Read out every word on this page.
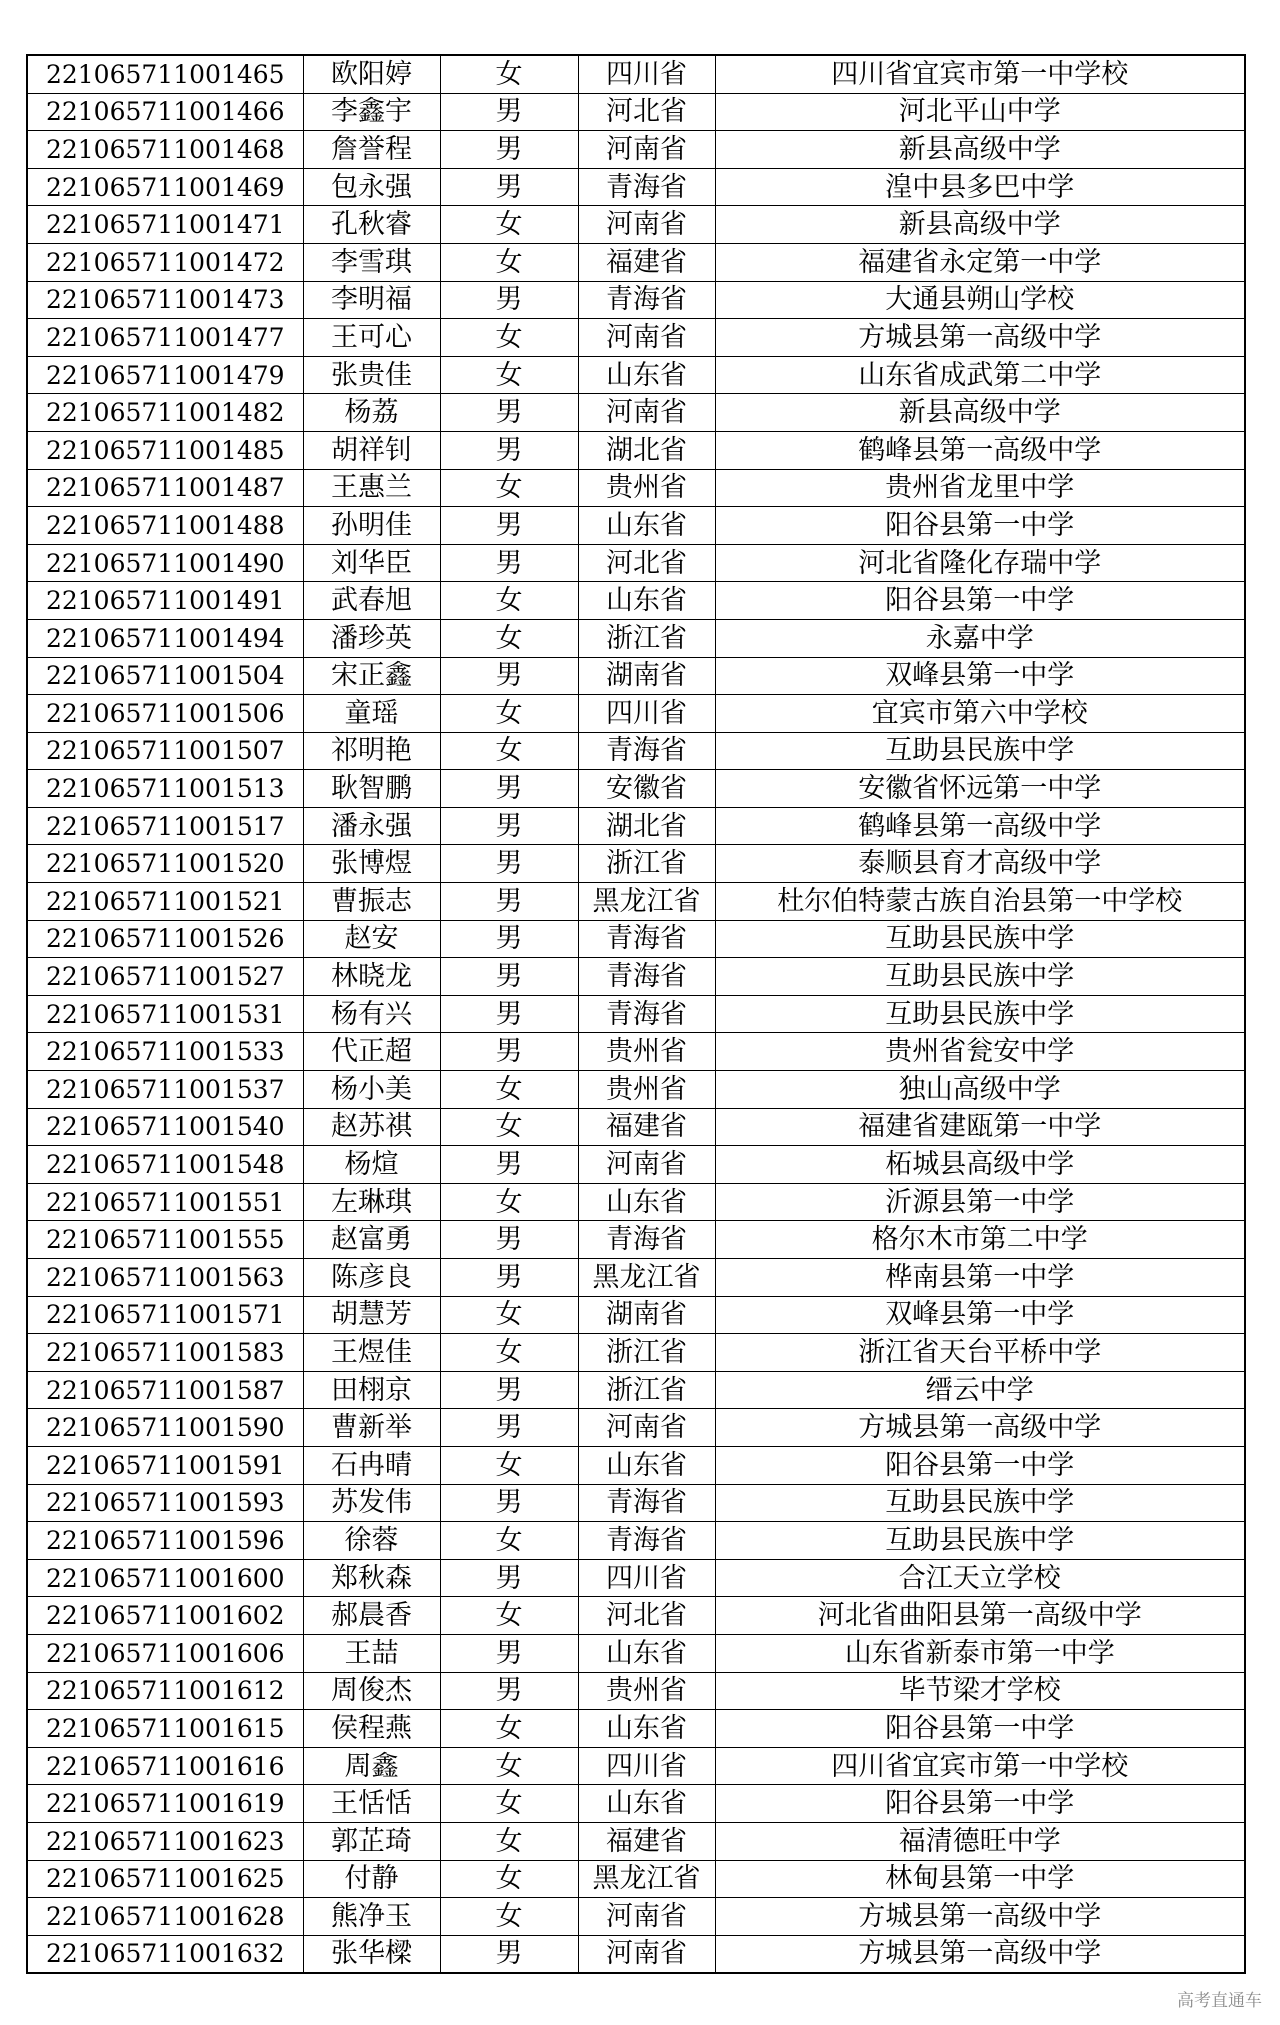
221065711001465	欧阳婷	女	四川省	四川省宜宾市第一中学校
221065711001466	李鑫宇	男	河北省	河北平山中学
221065711001468	詹誉程	男	河南省	新县高级中学
221065711001469	包永强	男	青海省	湟中县多巴中学
221065711001471	孔秋睿	女	河南省	新县高级中学
221065711001472	李雪琪	女	福建省	福建省永定第一中学
221065711001473	李明福	男	青海省	大通县朔山学校
221065711001477	王可心	女	河南省	方城县第一高级中学
221065711001479	张贵佳	女	山东省	山东省成武第二中学
221065711001482	杨荔	男	河南省	新县高级中学
221065711001485	胡祥钊	男	湖北省	鹤峰县第一高级中学
221065711001487	王惠兰	女	贵州省	贵州省龙里中学
221065711001488	孙明佳	男	山东省	阳谷县第一中学
221065711001490	刘华臣	男	河北省	河北省隆化存瑞中学
221065711001491	武春旭	女	山东省	阳谷县第一中学
221065711001494	潘珍英	女	浙江省	永嘉中学
221065711001504	宋正鑫	男	湖南省	双峰县第一中学
221065711001506	童瑶	女	四川省	宜宾市第六中学校
221065711001507	祁明艳	女	青海省	互助县民族中学
221065711001513	耿智鹏	男	安徽省	安徽省怀远第一中学
221065711001517	潘永强	男	湖北省	鹤峰县第一高级中学
221065711001520	张博煜	男	浙江省	泰顺县育才高级中学
221065711001521	曹振志	男	黑龙江省	杜尔伯特蒙古族自治县第一中学校
221065711001526	赵安	男	青海省	互助县民族中学
221065711001527	林晓龙	男	青海省	互助县民族中学
221065711001531	杨有兴	男	青海省	互助县民族中学
221065711001533	代正超	男	贵州省	贵州省瓮安中学
221065711001537	杨小美	女	贵州省	独山高级中学
221065711001540	赵苏祺	女	福建省	福建省建瓯第一中学
221065711001548	杨煊	男	河南省	柘城县高级中学
221065711001551	左琳琪	女	山东省	沂源县第一中学
221065711001555	赵富勇	男	青海省	格尔木市第二中学
221065711001563	陈彦良	男	黑龙江省	桦南县第一中学
221065711001571	胡慧芳	女	湖南省	双峰县第一中学
221065711001583	王煜佳	女	浙江省	浙江省天台平桥中学
221065711001587	田栩京	男	浙江省	缙云中学
221065711001590	曹新举	男	河南省	方城县第一高级中学
221065711001591	石冉晴	女	山东省	阳谷县第一中学
221065711001593	苏发伟	男	青海省	互助县民族中学
221065711001596	徐蓉	女	青海省	互助县民族中学
221065711001600	郑秋森	男	四川省	合江天立学校
221065711001602	郝晨香	女	河北省	河北省曲阳县第一高级中学
221065711001606	王喆	男	山东省	山东省新泰市第一中学
221065711001612	周俊杰	男	贵州省	毕节梁才学校
221065711001615	侯程燕	女	山东省	阳谷县第一中学
221065711001616	周鑫	女	四川省	四川省宜宾市第一中学校
221065711001619	王恬恬	女	山东省	阳谷县第一中学
221065711001623	郭芷琦	女	福建省	福清德旺中学
221065711001625	付静	女	黑龙江省	林甸县第一中学
221065711001628	熊净玉	女	河南省	方城县第一高级中学
221065711001632	张华樑	男	河南省	方城县第一高级中学
高考直通车
